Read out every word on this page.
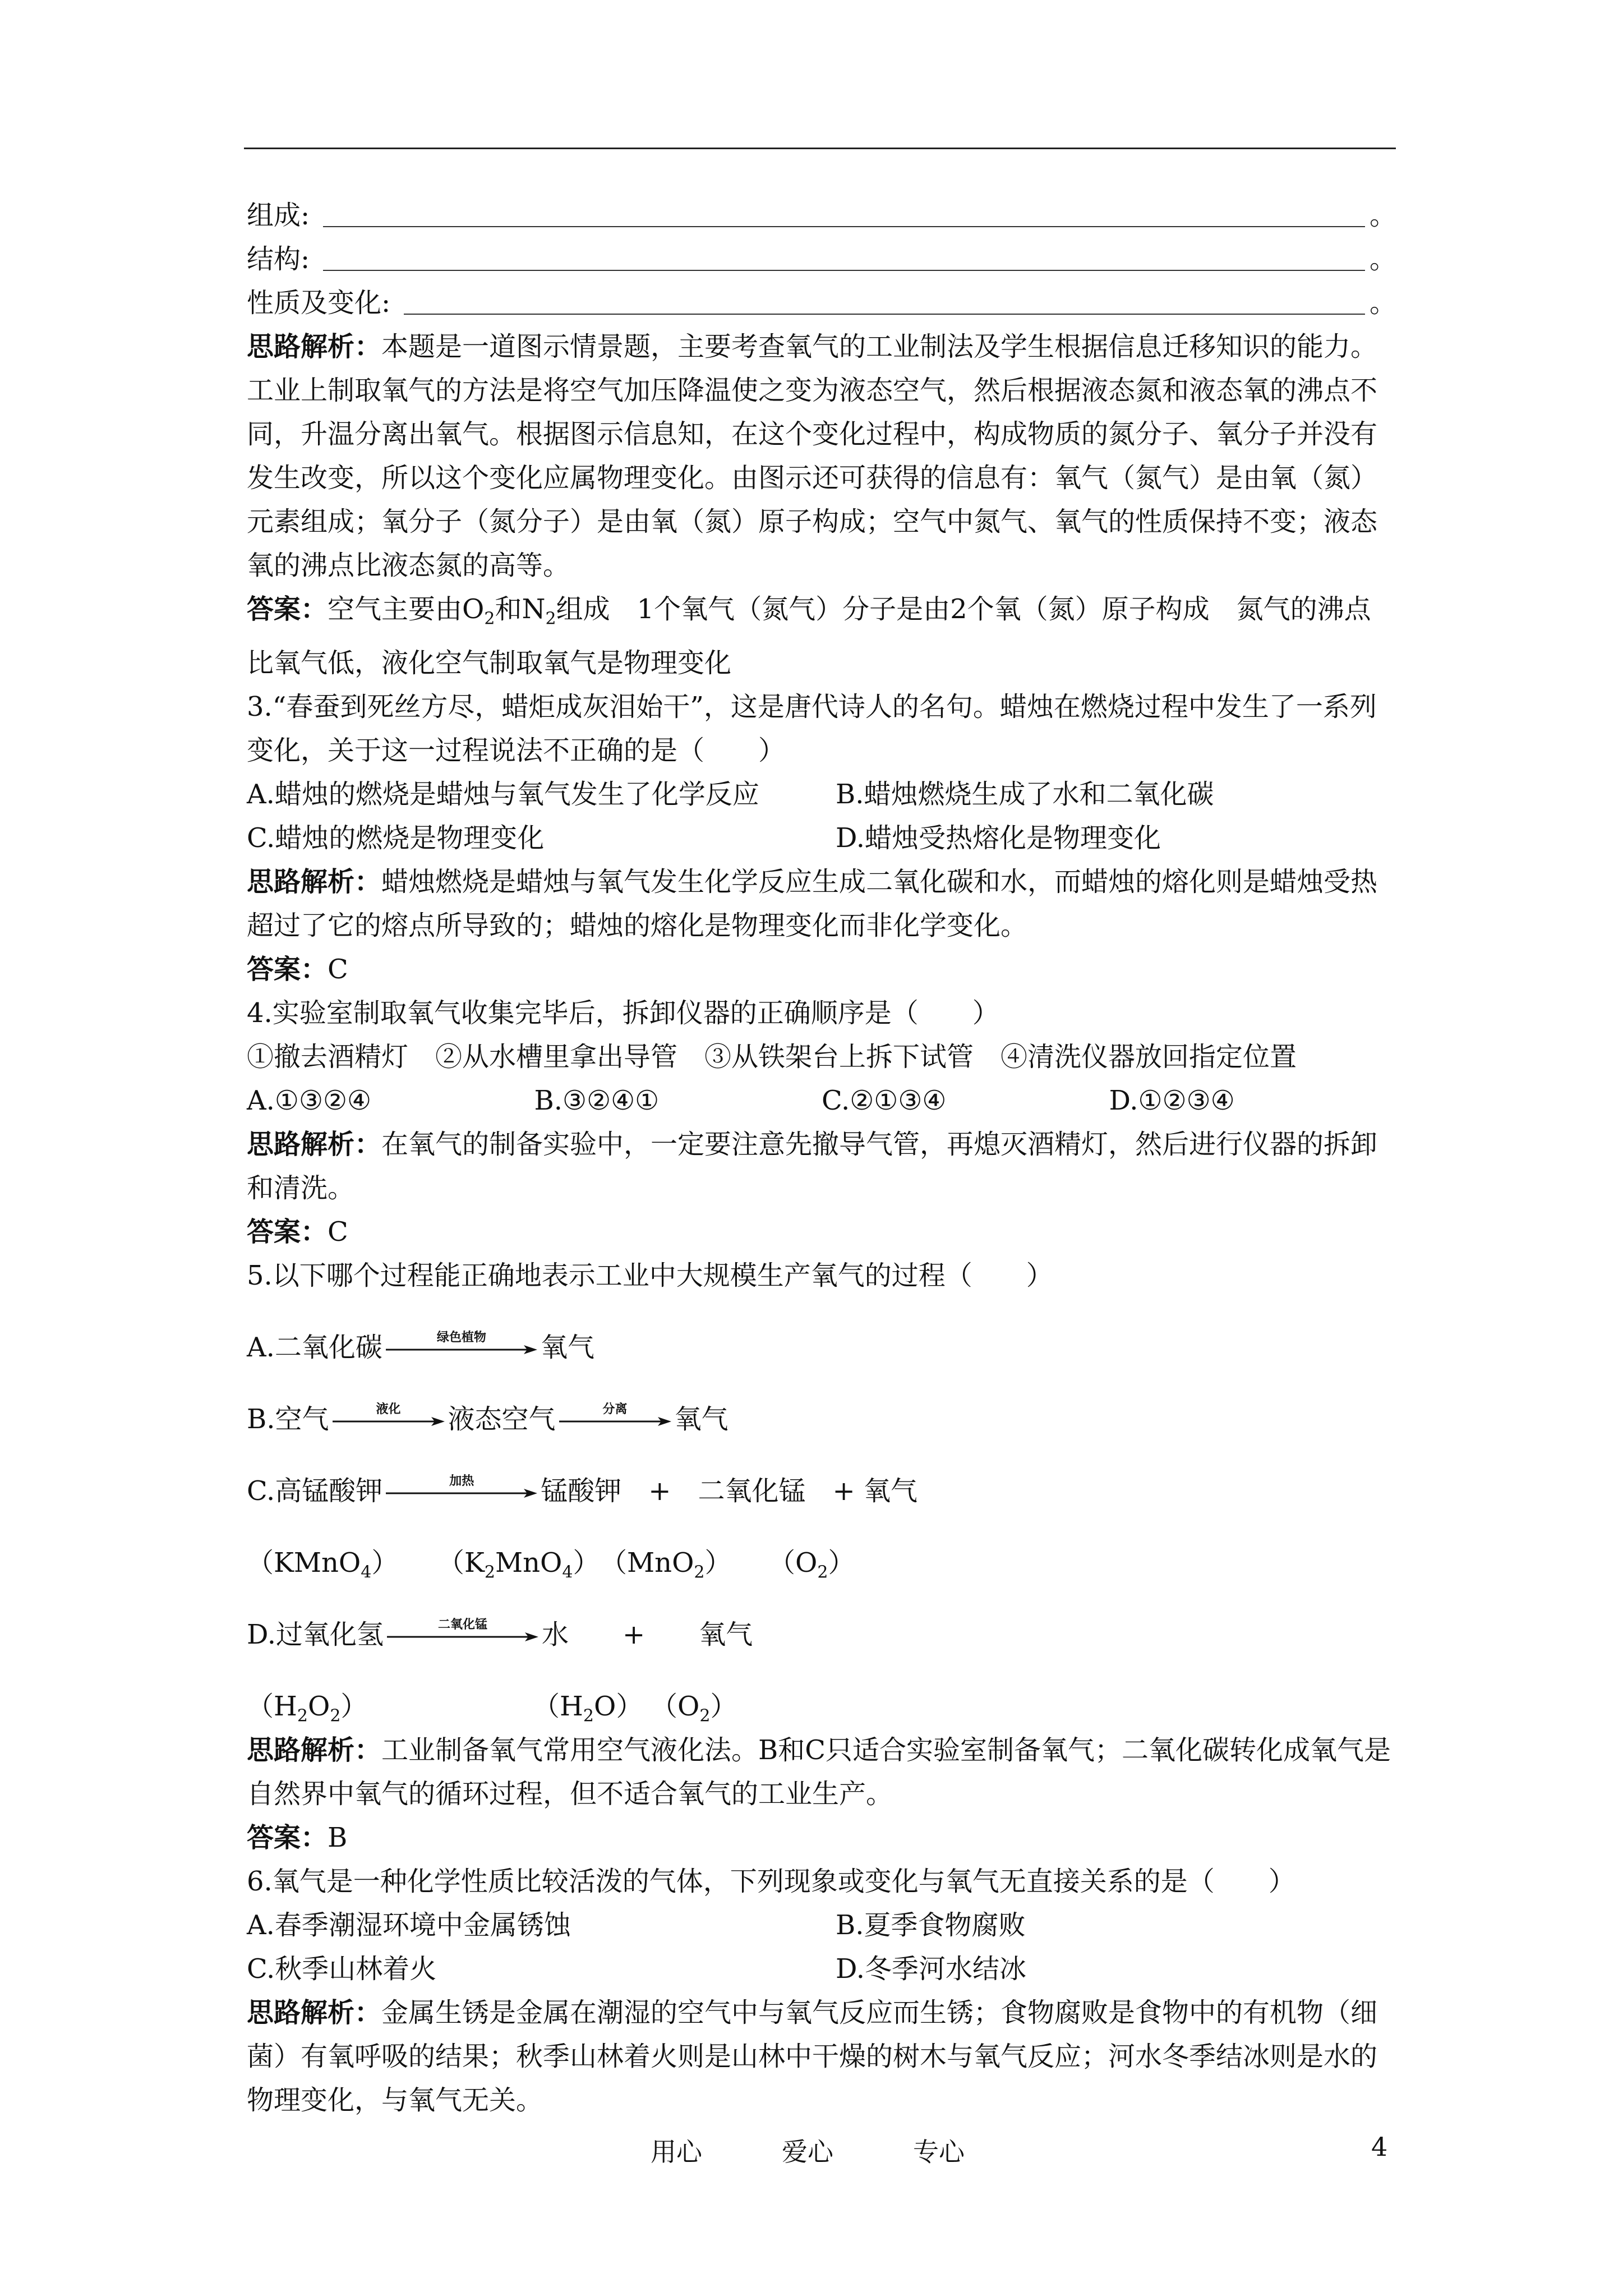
组成:	。
结构:	。
性质及变化:	。
思路解析：本题是一道图示情景题，主要考查氧气的工业制法及学生根据信息迁移知识的能力。工业上制取氧气的方法是将空气加压降温使之变为液态空气，然后根据液态氮和液态氧的沸点不同，升温分离出氧气。根据图示信息知，在这个变化过程中，构成物质的氮分子、氧分子并没有发生改变，所以这个变化应属物理变化。由图示还可获得的信息有：氧气（氮气）是由氧（氮）元素组成；氧分子（氮分子）是由氧（氮）原子构成；空气中氮气、氧气的性质保持不变；液态氧的沸点比液态氮的高等。
答案：空气主要由$O_2$和$N_2$组成　1个氧气（氮气）分子是由2个氧（氮）原子构成　氮气的沸点比氧气低，液化空气制取氧气是物理变化
3.“春蚕到死丝方尽，蜡炬成灰泪始干”，这是唐代诗人的名句。蜡烛在燃烧过程中发生了一系列变化，关于这一过程说法不正确的是（　　）
A.蜡烛的燃烧是蜡烛与氧气发生了化学反应	B.蜡烛燃烧生成了水和二氧化碳
C.蜡烛的燃烧是物理变化	D.蜡烛受热熔化是物理变化
思路解析：蜡烛燃烧是蜡烛与氧气发生化学反应生成二氧化碳和水，而蜡烛的熔化则是蜡烛受热超过了它的熔点所导致的；蜡烛的熔化是物理变化而非化学变化。
答案：C
4.实验室制取氧气收集完毕后，拆卸仪器的正确顺序是（　　）
①撤去酒精灯　②从水槽里拿出导管　③从铁架台上拆下试管　④清洗仪器放回指定位置
A.①③②④	B.③②④①	C.②①③④	D.①②③④
思路解析：在氧气的制备实验中，一定要注意先撤导气管，再熄灭酒精灯，然后进行仪器的拆卸和清洗。
答案：C
5.以下哪个过程能正确地表示工业中大规模生产氧气的过程（　　）
A.二氧化碳	绿色植物 氧气
B.空气	液化 液态空气	分离 氧气
C.高锰酸钾	加热 锰酸钾　+　二氧化锰　+ 氧气
（KMnO$_4$）	$(K_2MnO_4)$ （MnO$_2$）	$(O_2)$
D.过氧化氢	二氧化锰 水　　+　　氧气
$(H_2O_2)$	$(H_2O)$ $(O_2)$
思路解析：工业制备氧气常用空气液化法。B和C只适合实验室制备氧气；二氧化碳转化成氧气是自然界中氧气的循环过程，但不适合氧气的工业生产。
答案：B
6.氧气是一种化学性质比较活泼的气体，下列现象或变化与氧气无直接关系的是（　　）
A.春季潮湿环境中金属锈蚀	B.夏季食物腐败
C.秋季山林着火	D.冬季河水结冰
思路解析：金属生锈是金属在潮湿的空气中与氧气反应而生锈；食物腐败是食物中的有机物（细菌）有氧呼吸的结果；秋季山林着火则是山林中干燥的树木与氧气反应；河水冬季结冰则是水的物理变化，与氧气无关。
用心	爱心	专心	4
